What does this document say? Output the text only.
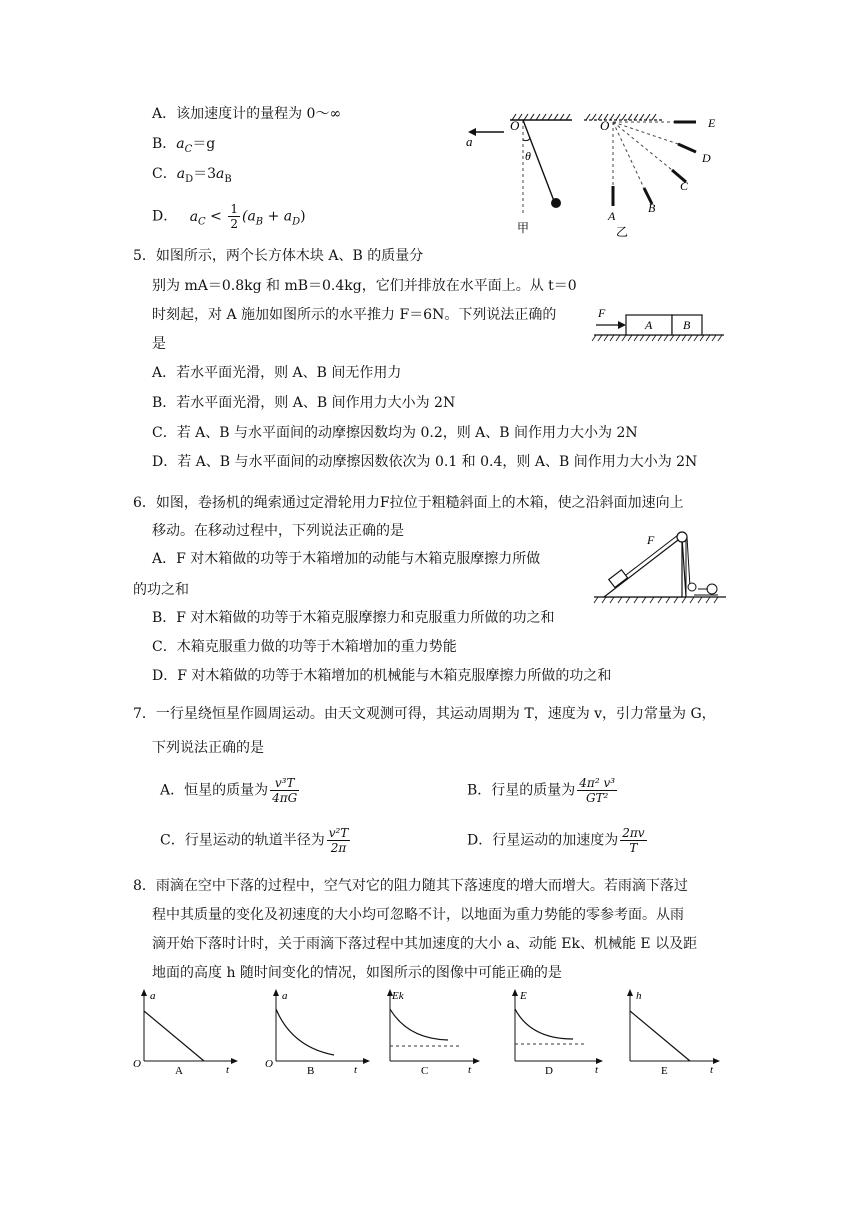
A．该加速度计的量程为 0～∞
B．$a_C=g$
C．$a_D=3a_B$
D． $a_C < \frac{1}{2} (a_B + a_D)$
O
a
θ
甲
O	E
D
C
B
A
乙
5．如图所示，两个长方体木块 A、B 的质量分
别为 mA＝0.8kg 和 mB＝0.4kg，它们并排放在水平面上。从 t＝0
时刻起，对 A 施加如图所示的水平推力 F＝6N。下列说法正确的
是
A．若水平面光滑，则 A、B 间无作用力
B．若水平面光滑，则 A、B 间作用力大小为 2N
C．若 A、B 与水平面间的动摩擦因数均为 0.2，则 A、B 间作用力大小为 2N
D．若 A、B 与水平面间的动摩擦因数依次为 0.1 和 0.4，则 A、B 间作用力大小为 2N
F
A	B
6．如图，卷扬机的绳索通过定滑轮用力F拉位于粗糙斜面上的木箱，使之沿斜面加速向上
移动。在移动过程中，下列说法正确的是
A．F 对木箱做的功等于木箱增加的动能与木箱克服摩擦力所做
的功之和
B．F 对木箱做的功等于木箱克服摩擦力和克服重力所做的功之和
C．木箱克服重力做的功等于木箱增加的重力势能
D．F 对木箱做的功等于木箱增加的机械能与木箱克服摩擦力所做的功之和
F
7．一行星绕恒星作圆周运动。由天文观测可得，其运动周期为 T，速度为 v，引力常量为 G，
下列说法正确的是
A．恒星的质量为 $\frac{\text{v³T}}{4\pi G}$	B．行星的质量为 $\frac{\text{4π² v³}}{\text{GT²}}$
C．行星运动的轨道半径为 $\frac{\text{v²T}}{2\pi}$	D．行星运动的加速度为 $\frac{2\pi v}{T}$
8．雨滴在空中下落的过程中，空气对它的阻力随其下落速度的增大而增大。若雨滴下落过
程中其质量的变化及初速度的大小均可忽略不计，以地面为重力势能的零参考面。从雨
滴开始下落时计时，关于雨滴下落过程中其加速度的大小 a、动能 Ek、机械能 E 以及距
地面的高度 h 随时间变化的情况，如图所示的图像中可能正确的是
a
O	t
A
a
O	t
B
Ek
t
C
E
t
D
h
t
E
